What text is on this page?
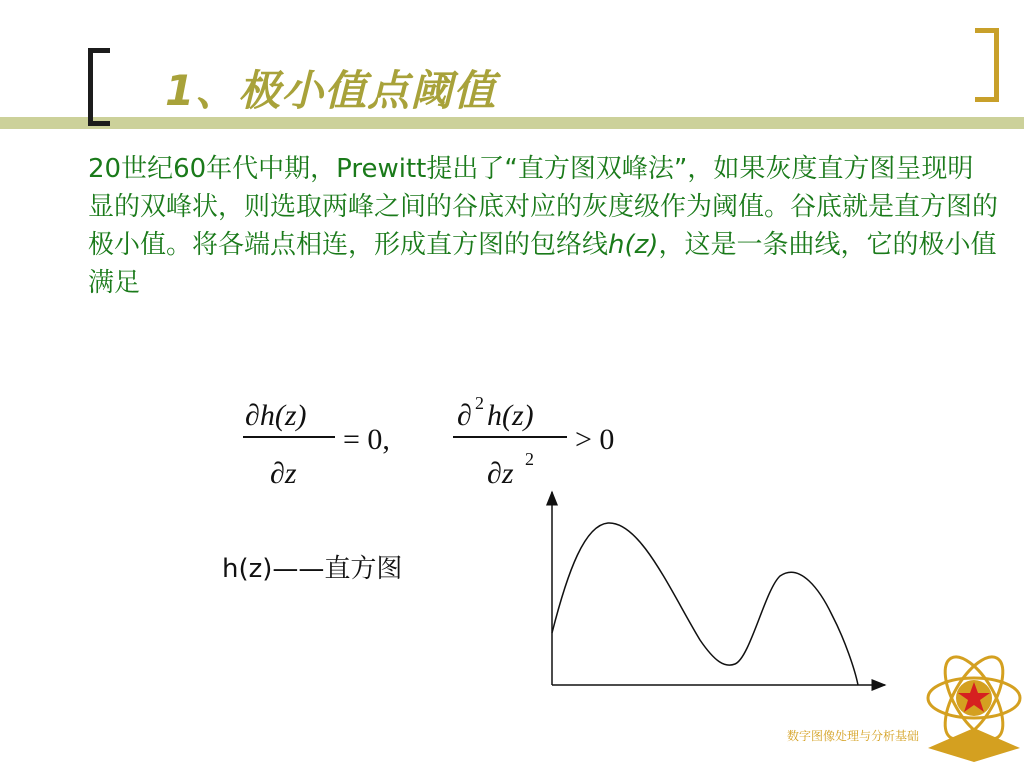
1、极小值点阈值
20世纪60年代中期，Prewitt提出了“直方图双峰法”，如果灰度直方图呈现明显的双峰状，则选取两峰之间的谷底对应的灰度级作为阈值。谷底就是直方图的极小值。将各端点相连，形成直方图的包络线h(z)，这是一条曲线，它的极小值满足
∂h(z)
∂z
= 0,
∂ 2 h(z)
∂z 2
> 0
h(z)——直方图
数字图像处理与分析基础
